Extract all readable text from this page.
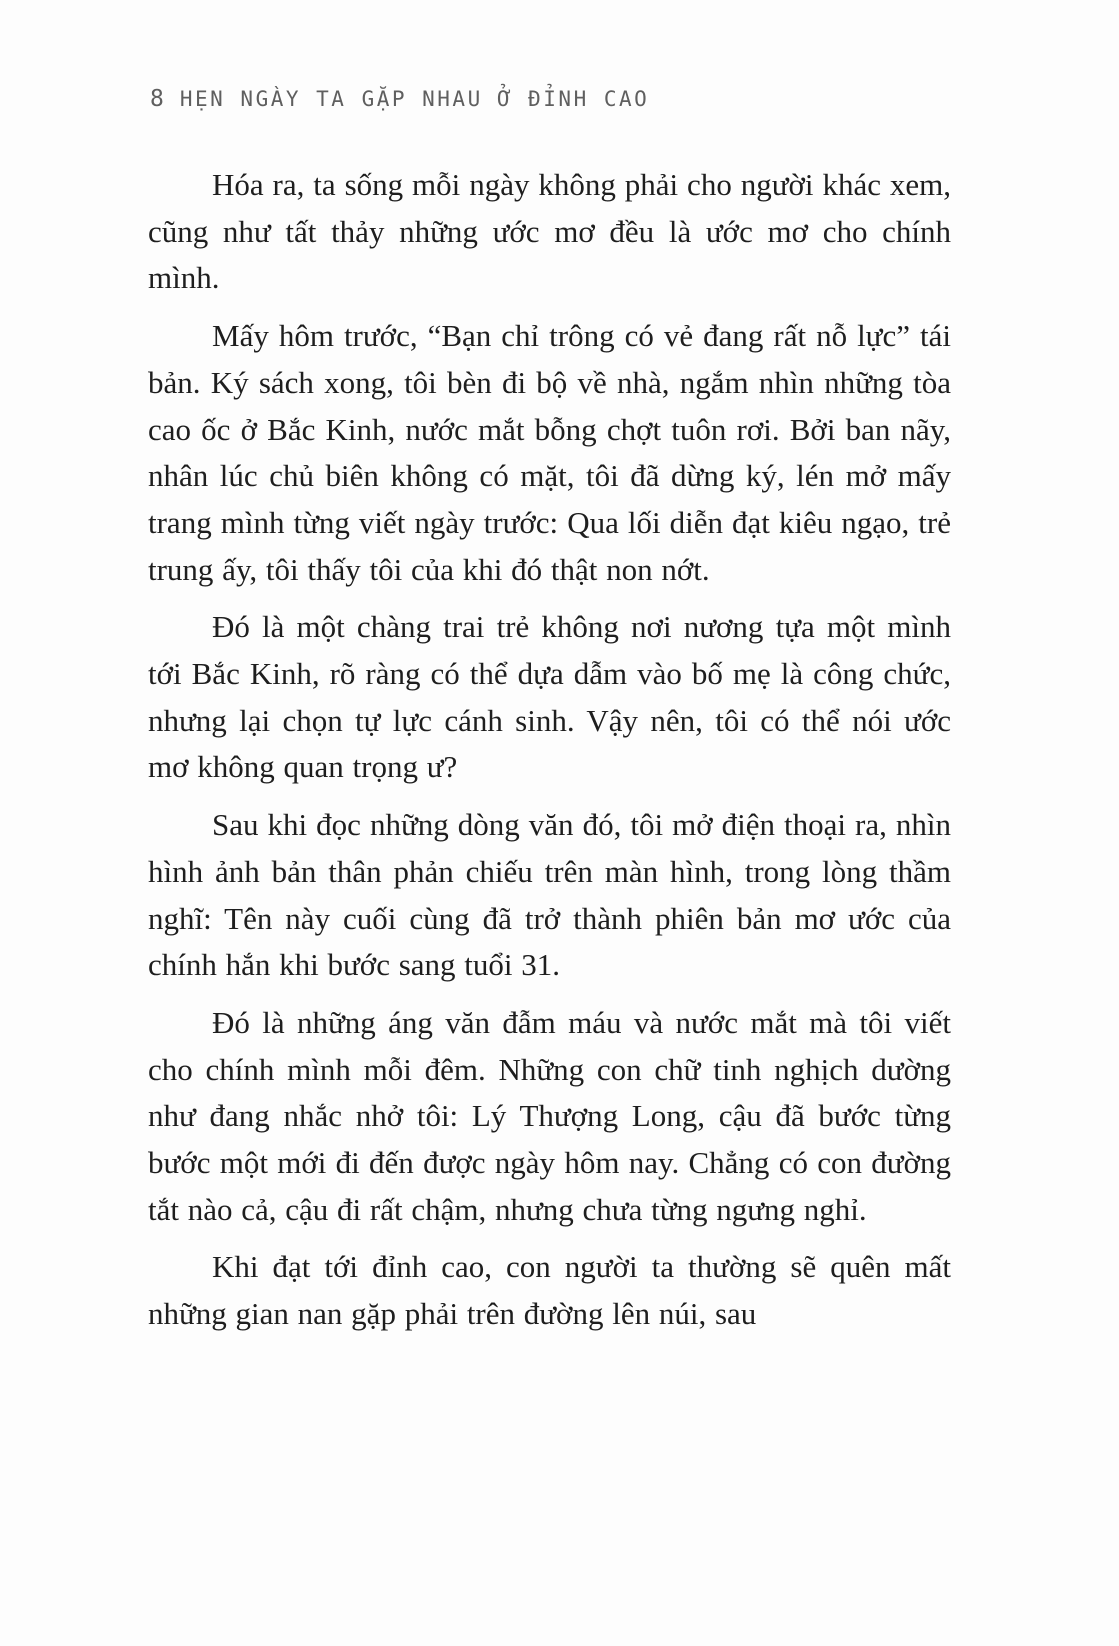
8 HẸN NGÀY TA GẶP NHAU Ở ĐỈNH CAO

Hóa ra, ta sống mỗi ngày không phải cho người khác xem, cũng như tất thảy những ước mơ đều là ước mơ cho chính mình.

Mấy hôm trước, “Bạn chỉ trông có vẻ đang rất nỗ lực” tái bản. Ký sách xong, tôi bèn đi bộ về nhà, ngắm nhìn những tòa cao ốc ở Bắc Kinh, nước mắt bỗng chợt tuôn rơi. Bởi ban nãy, nhân lúc chủ biên không có mặt, tôi đã dừng ký, lén mở mấy trang mình từng viết ngày trước: Qua lối diễn đạt kiêu ngạo, trẻ trung ấy, tôi thấy tôi của khi đó thật non nớt.

Đó là một chàng trai trẻ không nơi nương tựa một mình tới Bắc Kinh, rõ ràng có thể dựa dẫm vào bố mẹ là công chức, nhưng lại chọn tự lực cánh sinh. Vậy nên, tôi có thể nói ước mơ không quan trọng ư?

Sau khi đọc những dòng văn đó, tôi mở điện thoại ra, nhìn hình ảnh bản thân phản chiếu trên màn hình, trong lòng thầm nghĩ: Tên này cuối cùng đã trở thành phiên bản mơ ước của chính hắn khi bước sang tuổi 31.

Đó là những áng văn đẫm máu và nước mắt mà tôi viết cho chính mình mỗi đêm. Những con chữ tinh nghịch dường như đang nhắc nhở tôi: Lý Thượng Long, cậu đã bước từng bước một mới đi đến được ngày hôm nay. Chẳng có con đường tắt nào cả, cậu đi rất chậm, nhưng chưa từng ngưng nghỉ.

Khi đạt tới đỉnh cao, con người ta thường sẽ quên mất những gian nan gặp phải trên đường lên núi, sau
